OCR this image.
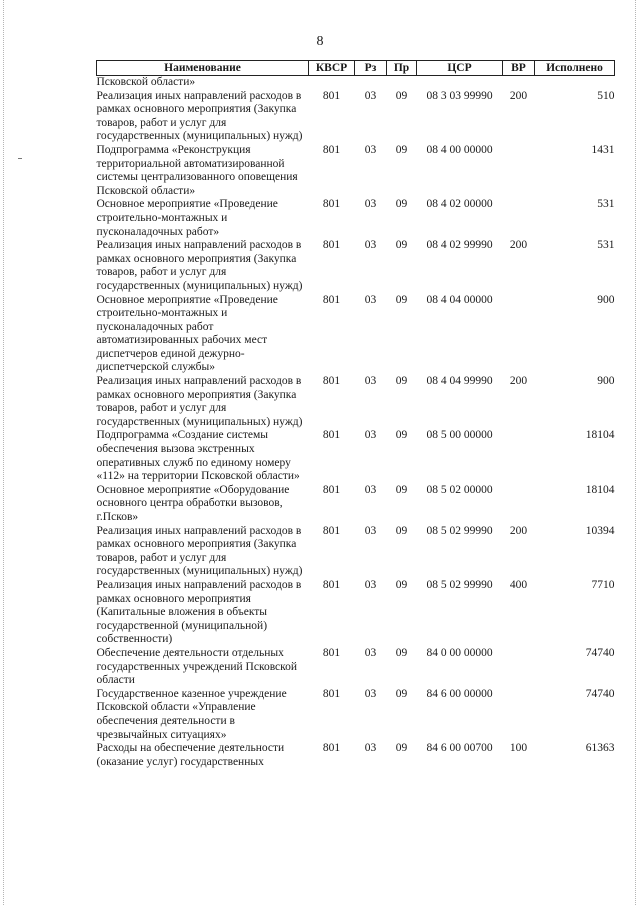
8
Наименование	КВСР	Рз	Пр	ЦСР	ВР	Исполнено
Псковской области»						
Реализация иных направлений расходов в рамках основного мероприятия (Закупка товаров, работ и услуг для государственных (муниципальных) нужд)	801	03	09	08 3 03 99990	200	510
Подпрограмма «Реконструкция территориальной автоматизированной системы централизованного оповещения Псковской области»	801	03	09	08 4 00 00000		1431
Основное мероприятие «Проведение строительно-монтажных и пусконаладочных работ»	801	03	09	08 4 02 00000		531
Реализация иных направлений расходов в рамках основного мероприятия (Закупка товаров, работ и услуг для государственных (муниципальных) нужд)	801	03	09	08 4 02 99990	200	531
Основное мероприятие «Проведение строительно-монтажных и пусконаладочных работ автоматизированных рабочих мест диспетчеров единой дежурно-диспетчерской службы»	801	03	09	08 4 04 00000		900
Реализация иных направлений расходов в рамках основного мероприятия (Закупка товаров, работ и услуг для государственных (муниципальных) нужд)	801	03	09	08 4 04 99990	200	900
Подпрограмма «Создание системы обеспечения вызова экстренных оперативных служб по единому номеру «112» на территории Псковской области»	801	03	09	08 5 00 00000		18104
Основное мероприятие «Оборудование основного центра обработки вызовов, г.Псков»	801	03	09	08 5 02 00000		18104
Реализация иных направлений расходов в рамках основного мероприятия (Закупка товаров, работ и услуг для государственных (муниципальных) нужд)	801	03	09	08 5 02 99990	200	10394
Реализация иных направлений расходов в рамках основного мероприятия (Капитальные вложения в объекты государственной (муниципальной) собственности)	801	03	09	08 5 02 99990	400	7710
Обеспечение деятельности отдельных государственных учреждений Псковской области	801	03	09	84 0 00 00000		74740
Государственное казенное учреждение Псковской области «Управление обеспечения деятельности в чрезвычайных ситуациях»	801	03	09	84 6 00 00000		74740
Расходы на обеспечение деятельности (оказание услуг) государственных	801	03	09	84 6 00 00700	100	61363
